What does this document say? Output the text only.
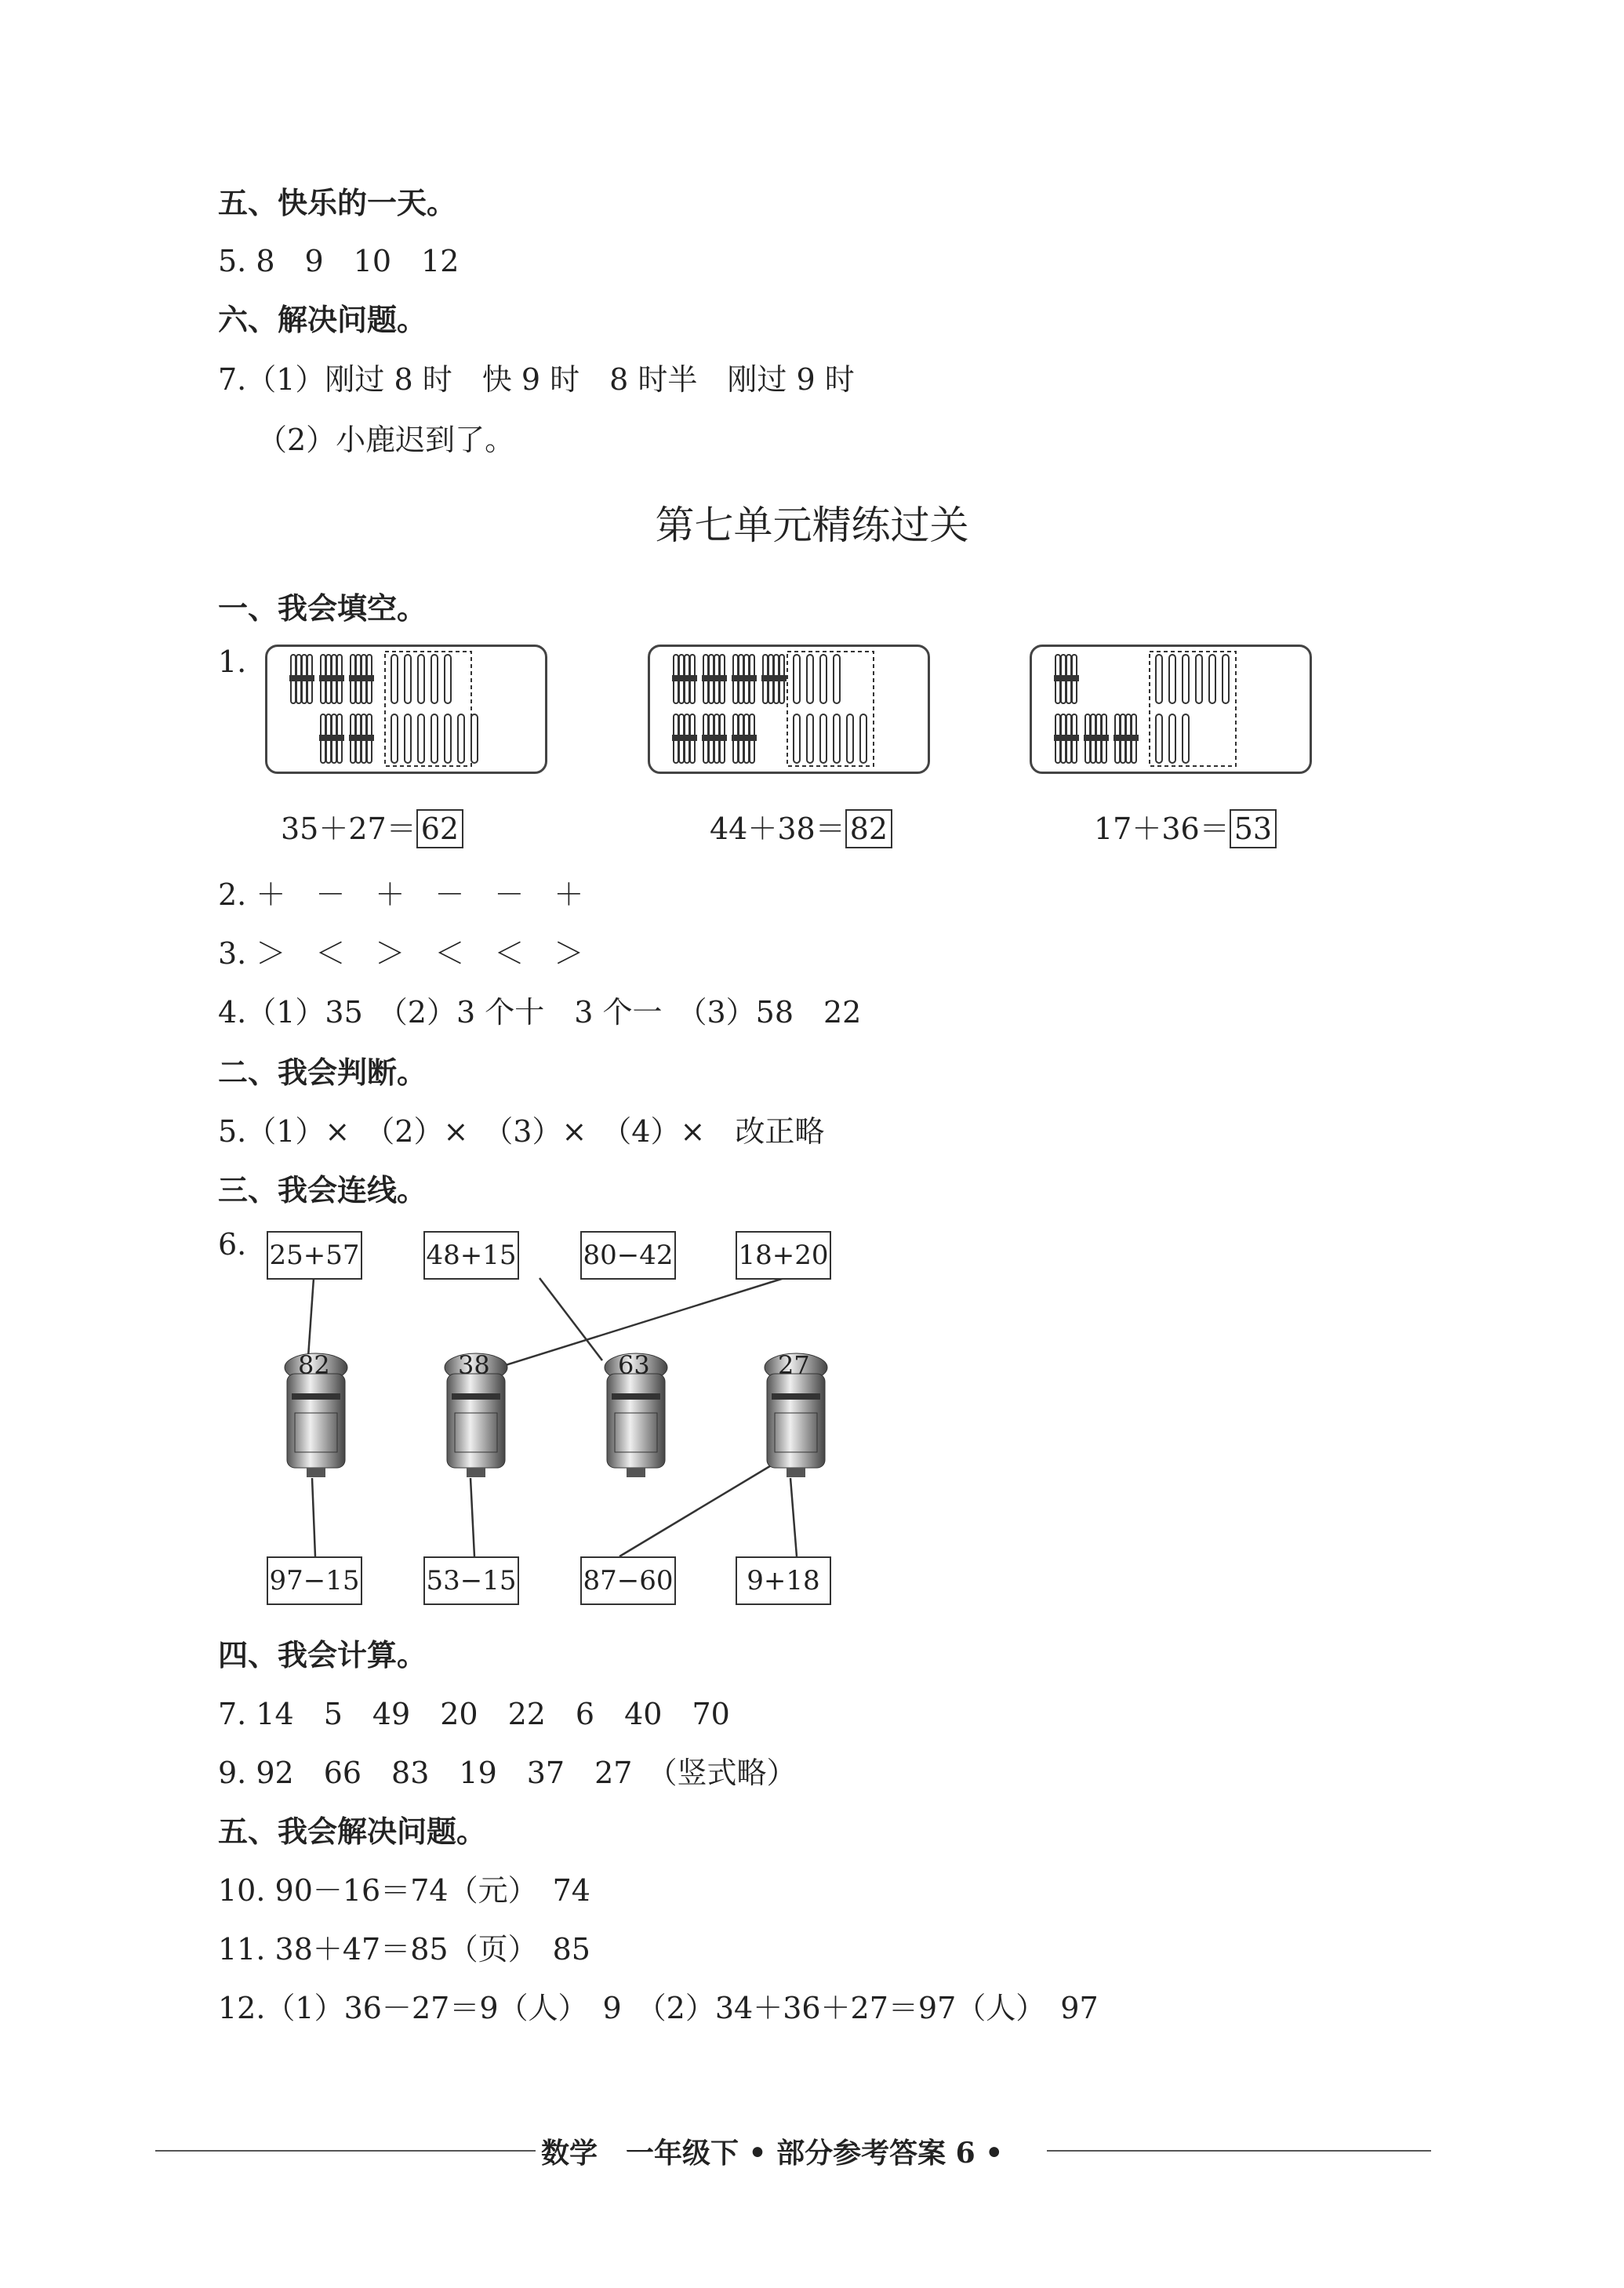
五、快乐的一天。
5. 8　9　10　12
六、解决问题。
7.（1）刚过 8 时　快 9 时　8 时半　刚过 9 时
（2）小鹿迟到了。
第七单元精练过关
一、我会填空。
1.
35＋27＝ 62	44＋38＝ 82	17＋36＝ 53
2. ＋　－　＋　－　－　＋
3. ＞　＜　＞　＜　＜　＞
4.（1）35　（2）3 个十　3 个一　（3）58　22
二、我会判断。
5.（1）×　（2）×　（3）×　（4）×　改正略
三、我会连线。
6. 25+57 48+15 80−42 18+20
82	38	63	27
97−15 53−15 87−60	9+18
四、我会计算。
7. 14　5　49　20　22　6　40　70
9. 92　66　83　19　37　27　（竖式略）
五、我会解决问题。
10. 90－16＝74（元）　74
11. 38＋47＝85（页）　85
12.（1）36－27＝9（人）　9　（2）34＋36＋27＝97（人）　97
数学　一年级下 • 部分参考答案 6 •
